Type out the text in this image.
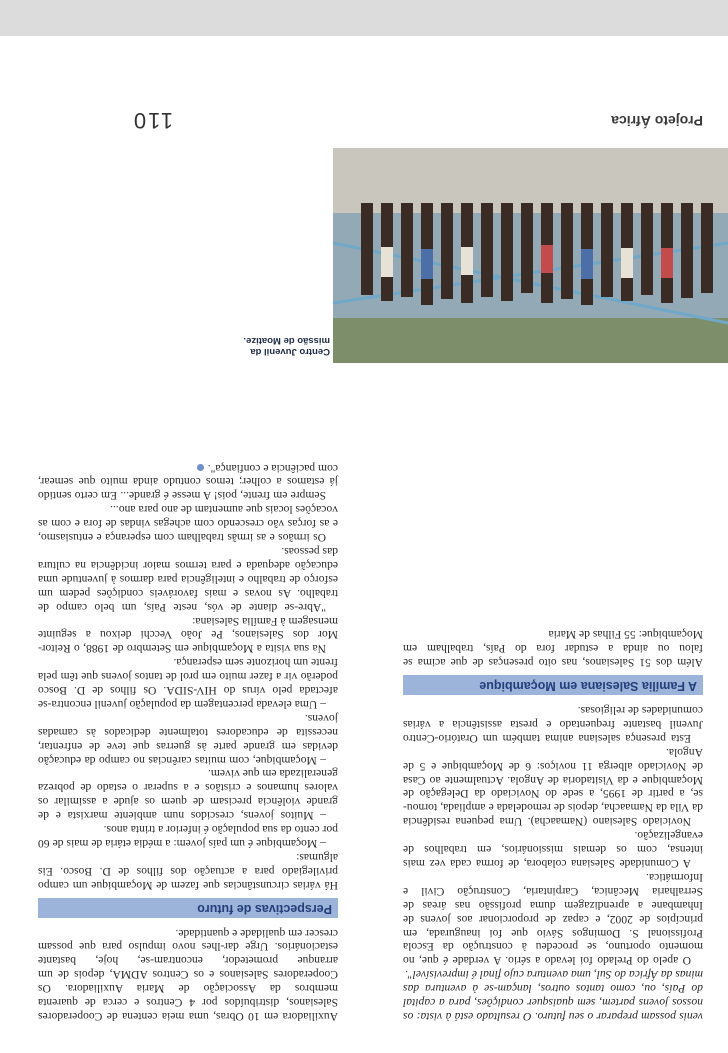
venis possam preparar o seu futuro. O resultado está à vista: os nossos jovens partem, sem quaisquer condições, para a capital do País, ou, como tantos outros, lançam-se à aventura das minas da África do Sul, uma aventura cujo final é imprevisível".

O apelo do Prelado foi levado a sério. A verdade é que, no momento oportuno, se procedeu à construção da Escola Profissional S. Domingos Sávio que foi inaugurada, em princípios de 2002, e capaz de proporcionar aos jovens de Inhambane a aprendizagem duma profissão nas áreas de Serralharia Mecânica, Carpintaria, Construção Civil e Informática.

A Comunidade Salesiana colabora, de forma cada vez mais intensa, com os demais missionários, em trabalhos de evangelização.

Noviciado Salesiano (Namaacha). Uma pequena residência da Vila da Namaacha, depois de remodelada e ampliada, tornou-se, a partir de 1995, a sede do Noviciado da Delegação de Moçambique e da Visitadoria de Angola. Actualmente ao Casa de Noviciado alberga 11 noviços: 6 de Moçambique e 5 de Angola.

Esta presença salesiana anima também um Oratório-Centro Juvenil bastante frequentado e presta assistência a várias comunidades de religiosas.

A Família Salesiana em Moçambique

Além dos 51 Salesianos, nas oito presenças de que acima se falou ou ainda a estudar fora do País, trabalham em Moçambique: 55 Filhas de Maria

Auxiliadora em 10 Obras, uma meia centena de Cooperadores Salesianos, distribuídos por 4 Centros e cerca de quarenta membros da Associação de Maria Auxiliadora. Os Cooperadores Salesianos e os Centros ADMA, depois de um arranque prometedor, encontram-se, hoje, bastante estacionários. Urge dar-lhes novo impulso para que possam crescer em qualidade e quantidade.

Perspectivas de futuro

Há várias circunstâncias que fazem de Moçambique um campo privilegiado para a actuação dos filhos de D. Bosco. Eis algumas:

– Moçambique é um país jovem: a média etária de mais de 60 por cento da sua população é inferior a trinta anos.

– Muitos jovens, crescidos num ambiente marxista e de grande violência precisam de quem os ajude a assimilar os valores humanos e cristãos e a superar o estado de pobreza generalizada em que vivem.

– Moçambique, com muitas carências no campo da educação devidas em grande parte às guerras que teve de enfrentar, necessita de educadores totalmente dedicados às camadas jovens.

– Uma elevada percentagem da população juvenil encontra-se afectada pelo vírus do HIV-SIDA. Os filhos de D. Bosco poderão vir a fazer muito em prol de tantos jovens que têm pela frente um horizonte sem esperança.

Na sua visita a Moçambique em Setembro de 1988, o Reitor-Mor dos Salesianos, Pe João Vecchi deixou a seguinte mensagem à Família Salesiana:

"Abre-se diante de vós, neste País, um belo campo de trabalho. As novas e mais favoráveis condições pedem um esforço de trabalho e inteligência para darmos à juventude uma educação adequada e para termos maior incidência na cultura das pessoas.

Os irmãos e as irmãs trabalham com esperança e entusiasmo, e as forças vão crescendo com achegas vindas de fora e com as vocações locais que aumentam de ano para ano...

Sempre em frente, pois! A messe é grande... Em certo sentido já estamos a colher; temos contudo ainda muito que semear, com paciência e confiança".

Centro Juvenil da missão de Moatize.
110	Projeto África
